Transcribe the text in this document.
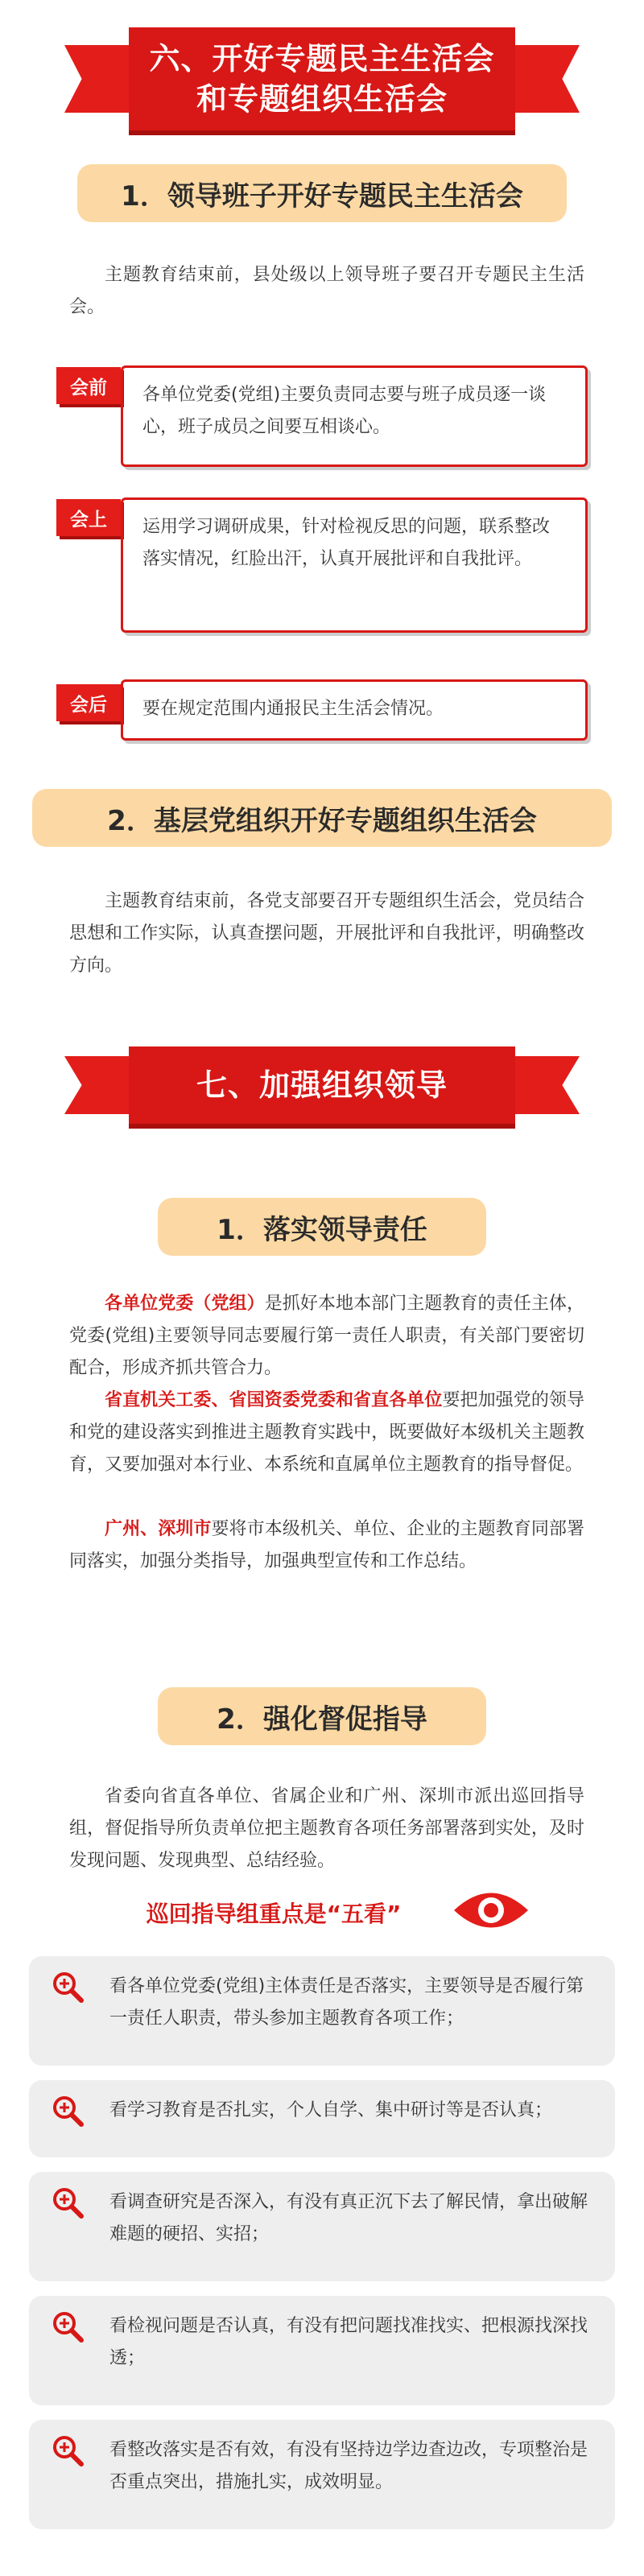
六、开好专题民主生活会
和专题组织生活会
1．领导班子开好专题民主生活会
主题教育结束前，县处级以上领导班子要召开专题民主生活会。
会前	各单位党委(党组)主要负责同志要与班子成员逐一谈心，班子成员之间要互相谈心。
会上	运用学习调研成果，针对检视反思的问题，联系整改落实情况，红脸出汗，认真开展批评和自我批评。
会后	要在规定范围内通报民主生活会情况。
2．基层党组织开好专题组织生活会
主题教育结束前，各党支部要召开专题组织生活会，党员结合思想和工作实际，认真查摆问题，开展批评和自我批评，明确整改方向。
七、加强组织领导
1．落实领导责任
各单位党委（党组）是抓好本地本部门主题教育的责任主体，党委(党组)主要领导同志要履行第一责任人职责，有关部门要密切配合，形成齐抓共管合力。
省直机关工委、省国资委党委和省直各单位要把加强党的领导和党的建设落实到推进主题教育实践中，既要做好本级机关主题教育，又要加强对本行业、本系统和直属单位主题教育的指导督促。
广州、深圳市要将市本级机关、单位、企业的主题教育同部署同落实，加强分类指导，加强典型宣传和工作总结。
2．强化督促指导
省委向省直各单位、省属企业和广州、深圳市派出巡回指导组，督促指导所负责单位把主题教育各项任务部署落到实处，及时发现问题、发现典型、总结经验。
巡回指导组重点是“五看”
看各单位党委(党组)主体责任是否落实，主要领导是否履行第一责任人职责，带头参加主题教育各项工作；
看学习教育是否扎实，个人自学、集中研讨等是否认真；
看调查研究是否深入，有没有真正沉下去了解民情，拿出破解难题的硬招、实招；
看检视问题是否认真，有没有把问题找准找实、把根源找深找透；
看整改落实是否有效，有没有坚持边学边查边改，专项整治是否重点突出，措施扎实，成效明显。
